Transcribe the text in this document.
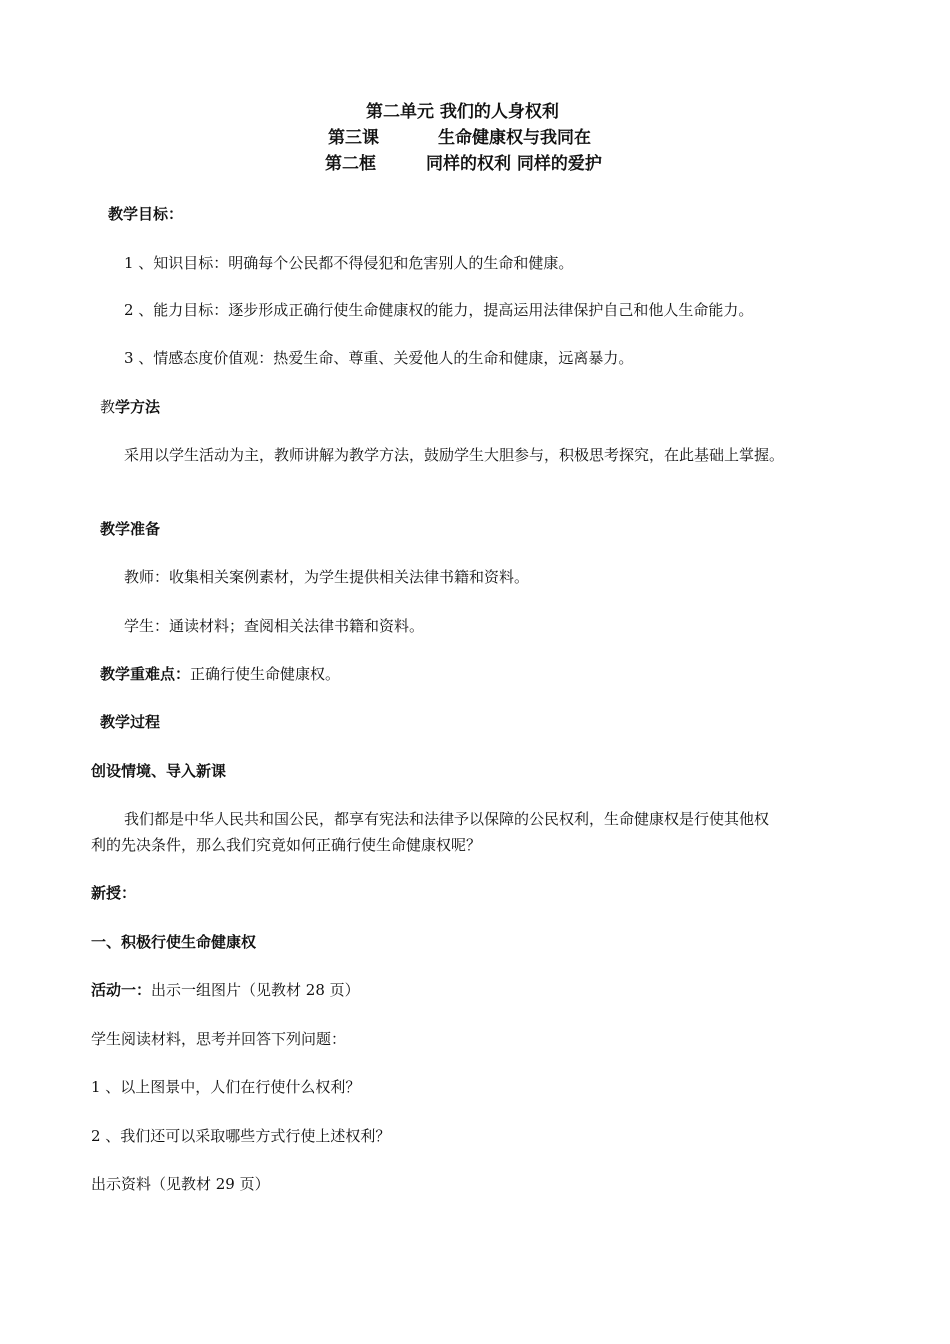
第二单元 我们的人身权利
第三课	生命健康权与我同在
第二框	同样的权利 同样的爱护
教学目标：
1 、知识目标：明确每个公民都不得侵犯和危害别人的生命和健康。
2 、能力目标：逐步形成正确行使生命健康权的能力，提高运用法律保护自己和他人生命能力。
3 、情感态度价值观：热爱生命、尊重、关爱他人的生命和健康，远离暴力。
教学方法
采用以学生活动为主，教师讲解为教学方法，鼓励学生大胆参与，积极思考探究，在此基础上掌握。
教学准备
教师：收集相关案例素材，为学生提供相关法律书籍和资料。
学生：通读材料；查阅相关法律书籍和资料。
教学重难点：正确行使生命健康权。
教学过程
创设情境、导入新课
我们都是中华人民共和国公民，都享有宪法和法律予以保障的公民权利，生命健康权是行使其他权
利的先决条件，那么我们究竟如何正确行使生命健康权呢？
新授：
一、积极行使生命健康权
活动一：出示一组图片（见教材 28 页）
学生阅读材料，思考并回答下列问题：
1 、以上图景中，人们在行使什么权利？
2 、我们还可以采取哪些方式行使上述权利？
出示资料（见教材 29 页）
